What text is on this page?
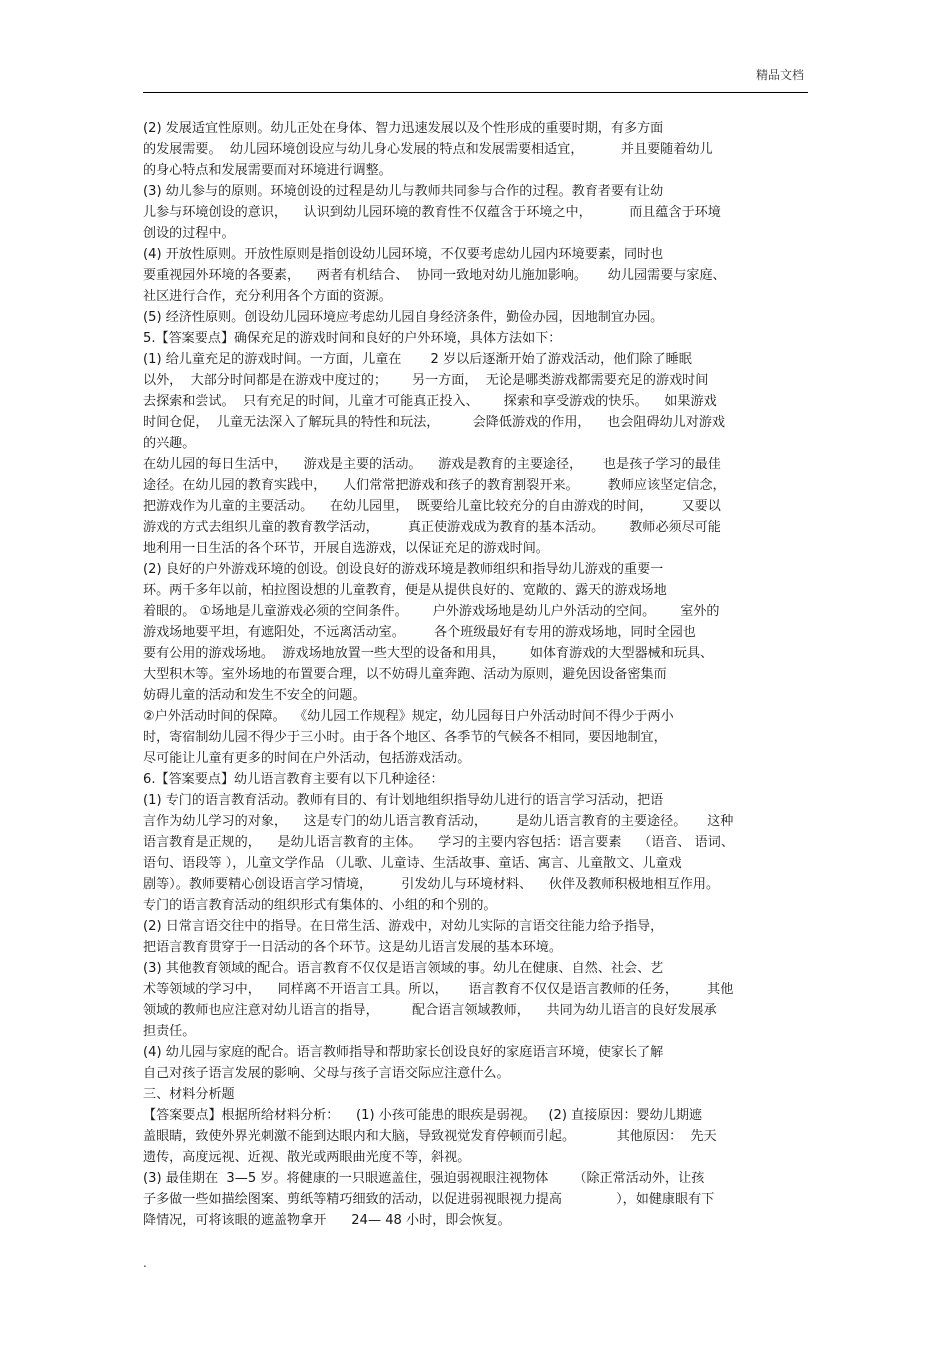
精品文档
(2) 发展适宜性原则。幼儿正处在身体、智力迅速发展以及个性形成的重要时期，有多方面
的发展需要。  幼儿园环境创设应与幼儿身心发展的特点和发展需要相适宜，         并且要随着幼儿
的身心特点和发展需要而对环境进行调整。
(3) 幼儿参与的原则。环境创设的过程是幼儿与教师共同参与合作的过程。教育者要有让幼
儿参与环境创设的意识，    认识到幼儿园环境的教育性不仅蕴含于环境之中，         而且蕴含于环境
创设的过程中。
(4) 开放性原则。开放性原则是指创设幼儿园环境，不仅要考虑幼儿园内环境要素，同时也
要重视园外环境的各要素，    两者有机结合、  协同一致地对幼儿施加影响。     幼儿园需要与家庭、
社区进行合作，充分利用各个方面的资源。
(5) 经济性原则。创设幼儿园环境应考虑幼儿园自身经济条件，勤俭办园，因地制宜办园。
5.【答案要点】确保充足的游戏时间和良好的户外环境，具体方法如下：
(1) 给儿童充足的游戏时间。一方面，儿童在       2 岁以后逐渐开始了游戏活动，他们除了睡眠
以外，  大部分时间都是在游戏中度过的；      另一方面，  无论是哪类游戏都需要充足的游戏时间
去探索和尝试。  只有充足的时间，儿童才可能真正投入、      探索和享受游戏的快乐。    如果游戏
时间仓促，  儿童无法深入了解玩具的特性和玩法，        会降低游戏的作用，    也会阻碍幼儿对游戏
的兴趣。
在幼儿园的每日生活中，    游戏是主要的活动。    游戏是教育的主要途径，     也是孩子学习的最佳
途径。在幼儿园的教育实践中，    人们常常把游戏和孩子的教育割裂开来。       教师应该坚定信念，
把游戏作为儿童的主要活动。    在幼儿园里，  既要给儿童比较充分的自由游戏的时间，       又要以
游戏的方式去组织儿童的教育教学活动，       真正使游戏成为教育的基本活动。      教师必须尽可能
地利用一日生活的各个环节，开展自选游戏，以保证充足的游戏时间。
(2) 良好的户外游戏环境的创设。创设良好的游戏环境是教师组织和指导幼儿游戏的重要一
环。两千多年以前，柏拉图设想的儿童教育，便是从提供良好的、宽敞的、露天的游戏场地
着眼的。 ①场地是儿童游戏必须的空间条件。      户外游戏场地是幼儿户外活动的空间。      室外的
游戏场地要平坦，有遮阳处，不远离活动室。       各个班级最好有专用的游戏场地，同时全园也
要有公用的游戏场地。  游戏场地放置一些大型的设备和用具，      如体育游戏的大型器械和玩具、
大型积木等。室外场地的布置要合理，以不妨碍儿童奔跑、活动为原则，避免因设备密集而
妨碍儿童的活动和发生不安全的问题。
②户外活动时间的保障。  《幼儿园工作规程》规定，幼儿园每日户外活动时间不得少于两小
时，寄宿制幼儿园不得少于三小时。由于各个地区、各季节的气候各不相同，要因地制宜，
尽可能让儿童有更多的时间在户外活动，包括游戏活动。
6.【答案要点】幼儿语言教育主要有以下几种途径：
(1) 专门的语言教育活动。教师有目的、有计划地组织指导幼儿进行的语言学习活动，把语
言作为幼儿学习的对象，    这是专门的幼儿语言教育活动，       是幼儿语言教育的主要途径。     这种
语言教育是正规的，    是幼儿语言教育的主体。    学习的主要内容包括：语言要素    （语音、 语词、
语句、语段等 ），儿童文学作品 （儿歌、儿童诗、生活故事、童话、寓言、儿童散文、儿童戏
剧等）。教师要精心创设语言学习情境，       引发幼儿与环境材料、    伙伴及教师积极地相互作用。
专门的语言教育活动的组织形式有集体的、小组的和个别的。
(2) 日常言语交往中的指导。在日常生活、游戏中，对幼儿实际的言语交往能力给予指导，
把语言教育贯穿于一日活动的各个环节。这是幼儿语言发展的基本环境。
(3) 其他教育领域的配合。语言教育不仅仅是语言领域的事。幼儿在健康、自然、社会、艺
术等领域的学习中，    同样离不开语言工具。所以，     语言教育不仅仅是语言教师的任务，       其他
领域的教师也应注意对幼儿语言的指导，        配合语言领域教师，    共同为幼儿语言的良好发展承
担责任。
(4) 幼儿园与家庭的配合。语言教师指导和帮助家长创设良好的家庭语言环境，使家长了解
自己对孩子语言发展的影响、父母与孩子言语交际应注意什么。
三、材料分析题
【答案要点】根据所给材料分析：    (1) 小孩可能患的眼疾是弱视。   (2) 直接原因：婴幼儿期遮
盖眼睛，致使外界光刺激不能到达眼内和大脑，导致视觉发育停顿而引起。          其他原因：  先天
遗传，高度远视、近视、散光或两眼曲光度不等，斜视。
(3) 最佳期在  3—5 岁。将健康的一只眼遮盖住，强迫弱视眼注视物体      （除正常活动外，让孩
子多做一些如描绘图案、剪纸等精巧细致的活动，以促进弱视眼视力提高             ），如健康眼有下
降情况，可将该眼的遮盖物拿开      24— 48 小时，即会恢复。
.
